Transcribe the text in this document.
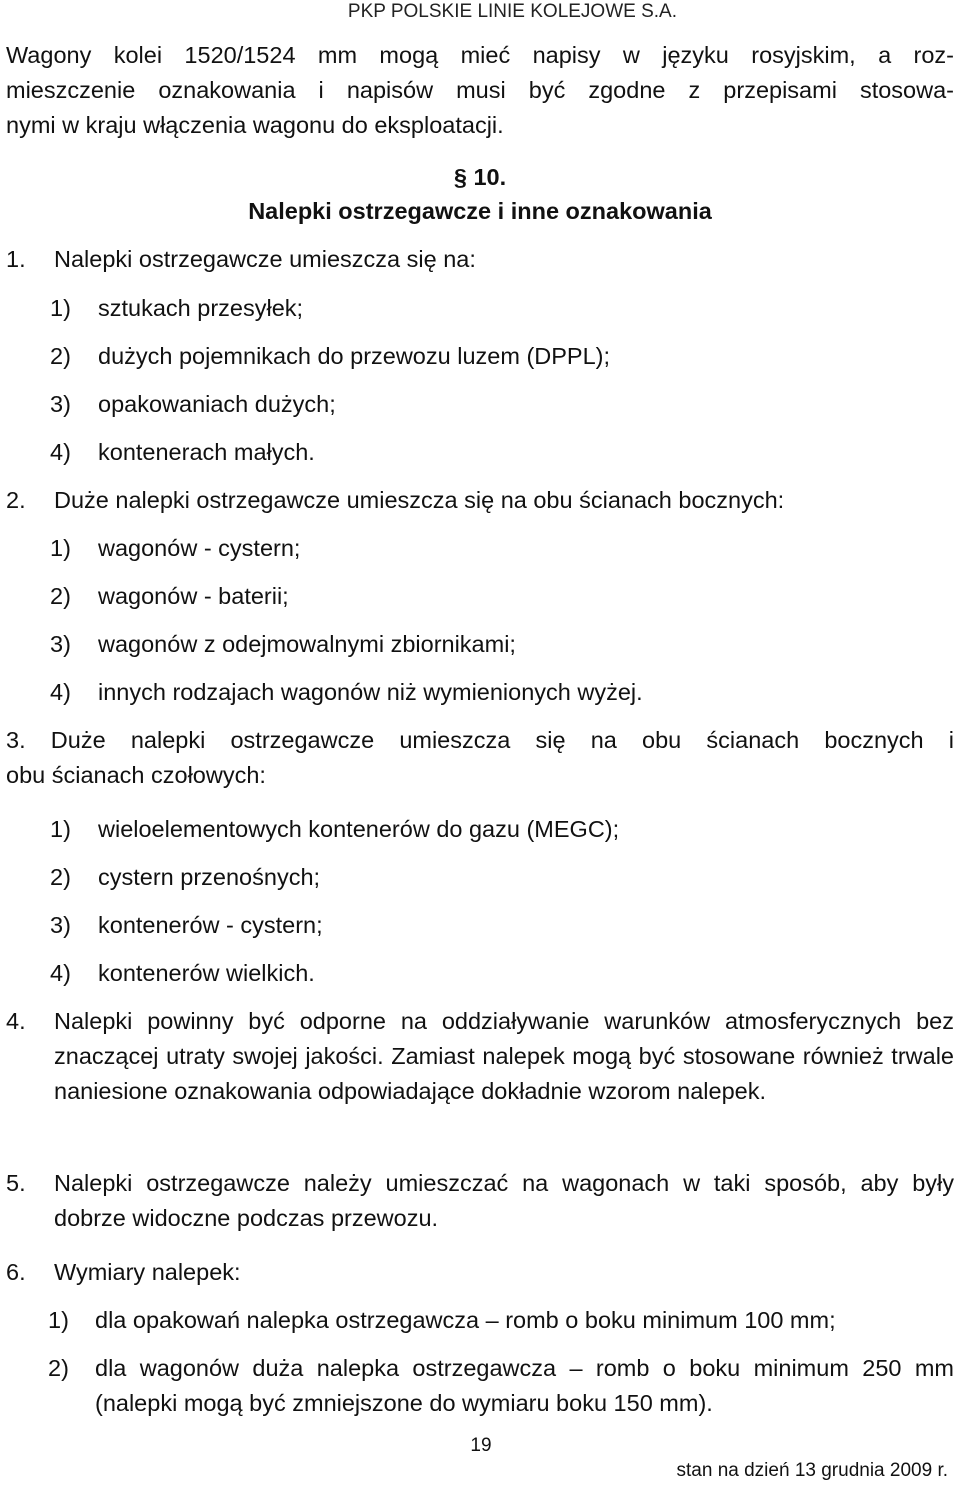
PKP POLSKIE LINIE KOLEJOWE S.A.
Wagony kolei 1520/1524 mm mogą mieć napisy w języku rosyjskim, a roz-
mieszczenie oznakowania i napisów musi być zgodne z przepisami stosowa-
nymi w kraju włączenia wagonu do eksploatacji.
§ 10.
Nalepki ostrzegawcze i inne oznakowania
1.	Nalepki ostrzegawcze umieszcza się na:
1) sztukach przesyłek;
2) dużych pojemnikach do przewozu luzem (DPPL);
3) opakowaniach dużych;
4) kontenerach małych.
2.	Duże nalepki ostrzegawcze umieszcza się na obu ścianach bocznych:
1) wagonów - cystern;
2) wagonów - baterii;
3) wagonów z odejmowalnymi zbiornikami;
4) innych rodzajach wagonów niż wymienionych wyżej.
3. Duże nalepki ostrzegawcze umieszcza się na obu ścianach bocznych i
obu ścianach czołowych:
1) wieloelementowych kontenerów do gazu (MEGC);
2) cystern przenośnych;
3) kontenerów - cystern;
4) kontenerów wielkich.
4.	Nalepki powinny być odporne na oddziaływanie warunków atmosferycznych bez znaczącej utraty swojej jakości. Zamiast nalepek mogą być stosowane również trwale naniesione oznakowania odpowiadające dokładnie wzorom nalepek.
5.	Nalepki ostrzegawcze należy umieszczać na wagonach w taki sposób, aby były dobrze widoczne podczas przewozu.
6.	Wymiary nalepek:
1)	dla opakowań nalepka ostrzegawcza – romb o boku minimum 100 mm;
2)	dla wagonów duża nalepka ostrzegawcza – romb o boku minimum 250 mm (nalepki mogą być zmniejszone do wymiaru boku 150 mm).
19
stan na dzień 13 grudnia 2009 r.
